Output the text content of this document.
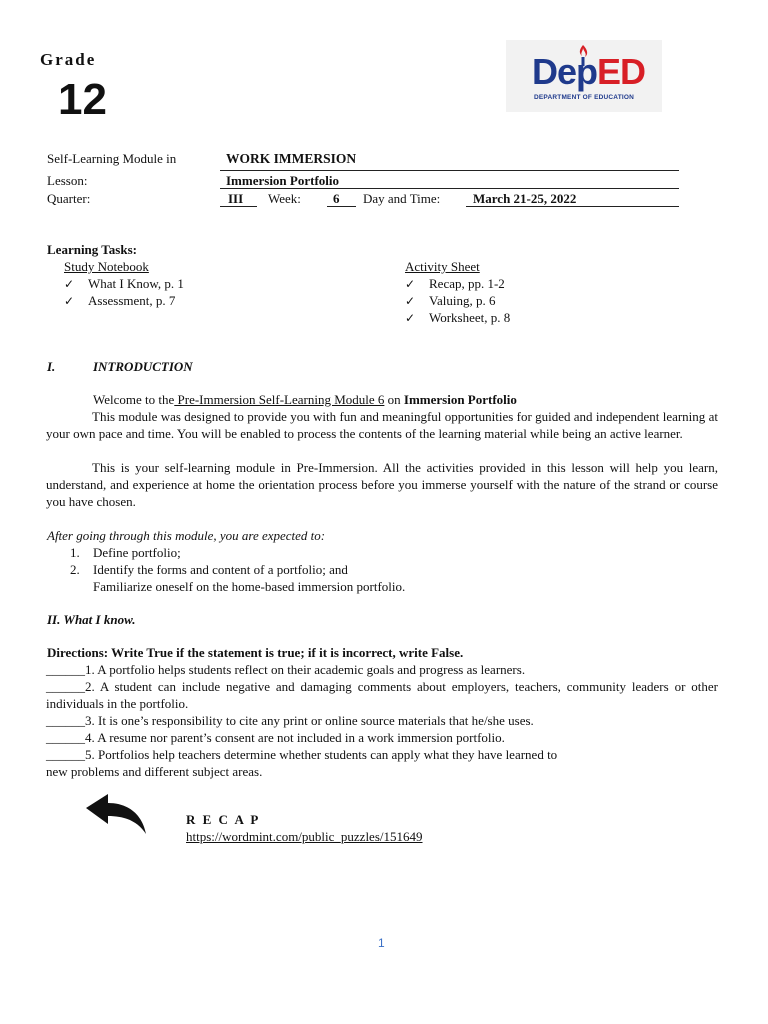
Grade
12
DepED
DEPARTMENT OF EDUCATION
Self-Learning Module in	WORK IMMERSION
Lesson:	Immersion Portfolio
Quarter:	III Week: 6 Day and Time:	March 21-25, 2022
Learning Tasks:
Study Notebook
✓ What I Know, p. 1
✓ Assessment, p. 7
Activity Sheet
✓ Recap, pp. 1-2
✓ Valuing, p. 6
✓ Worksheet, p. 8
I.	INTRODUCTION
Welcome to the Pre-Immersion Self-Learning Module 6 on Immersion Portfolio
This module was designed to provide you with fun and meaningful opportunities for guided and independent learning at your own pace and time. You will be enabled to process the contents of the learning material while being an active learner.
This is your self-learning module in Pre-Immersion. All the activities provided in this lesson will help you learn, understand, and experience at home the orientation process before you immerse yourself with the nature of the strand or course you have chosen.
After going through this module, you are expected to:
1. Define portfolio;
2. Identify the forms and content of a portfolio; and
Familiarize oneself on the home-based immersion portfolio.
II. What I know.
Directions: Write True if the statement is true; if it is incorrect, write False.
______1. A portfolio helps students reflect on their academic goals and progress as learners.
______2. A student can include negative and damaging comments about employers, teachers, community leaders or other individuals in the portfolio.
______3. It is one’s responsibility to cite any print or online source materials that he/she uses.
______4. A resume nor parent’s consent are not included in a work immersion portfolio.
______5. Portfolios help teachers determine whether students can apply what they have learned to
new problems and different subject areas.
R E C A P
https://wordmint.com/public_puzzles/151649
1
